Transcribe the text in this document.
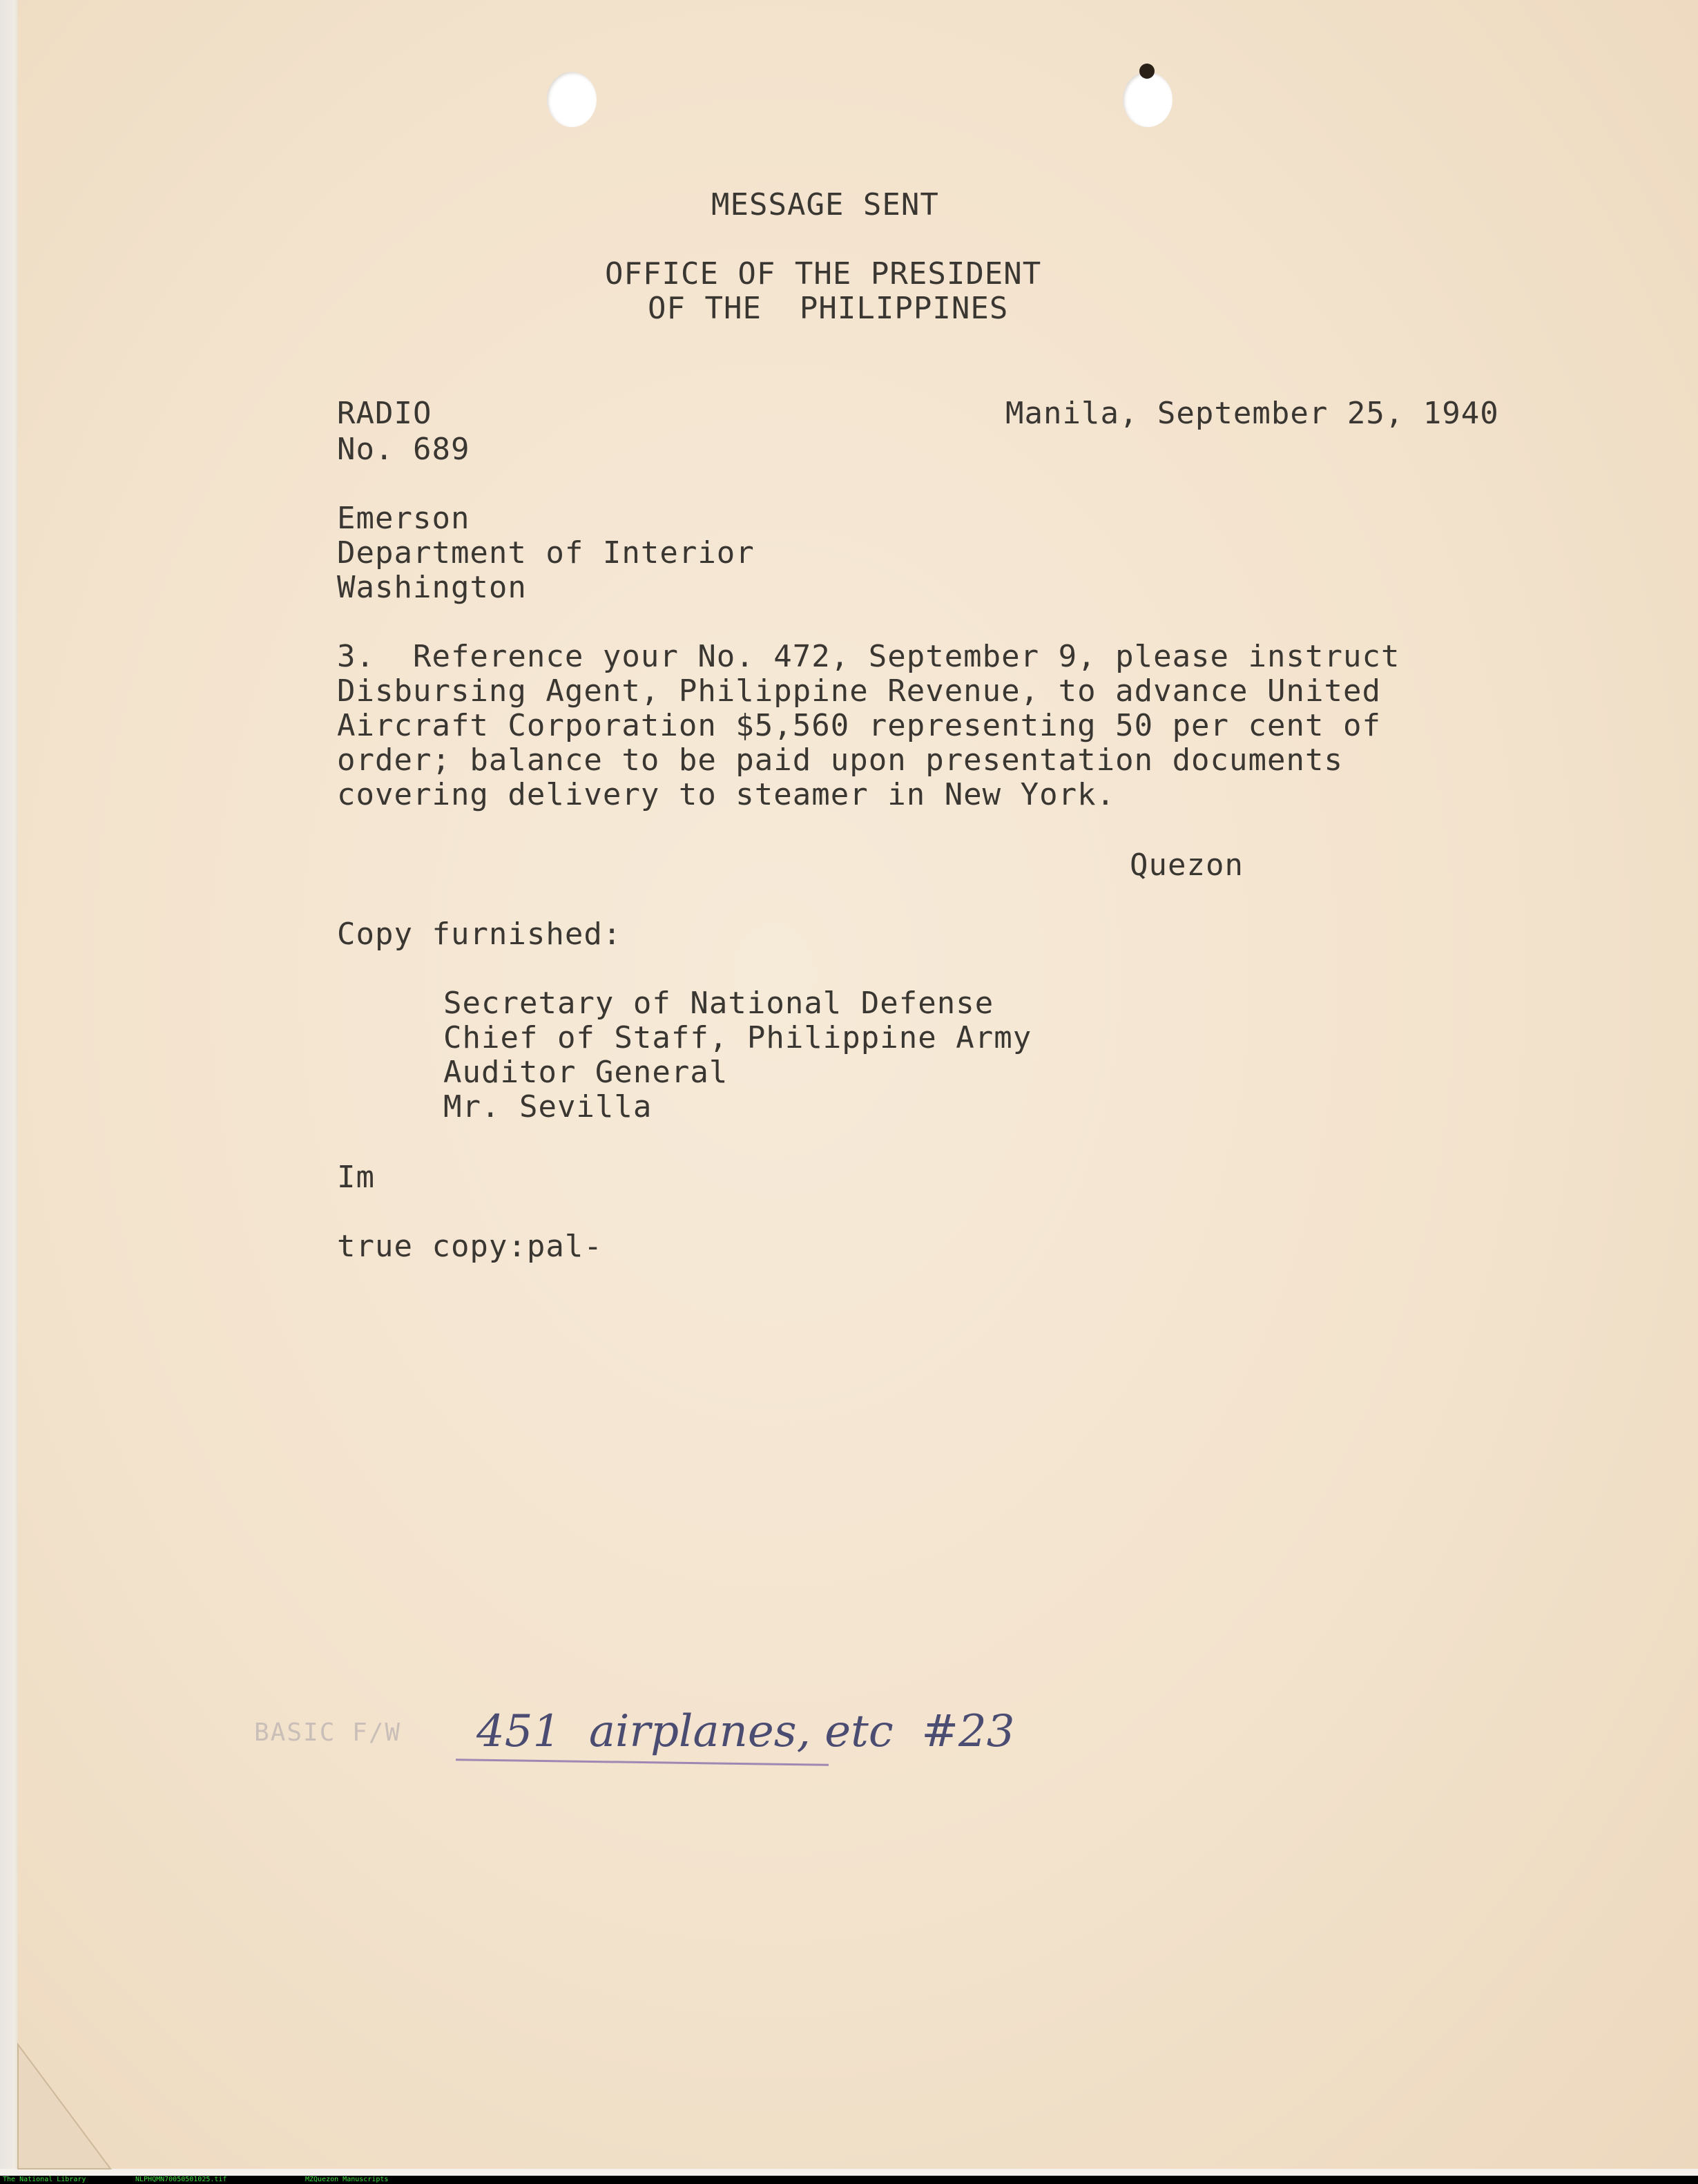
MESSAGE SENT
OFFICE OF THE PRESIDENT
OF THE  PHILIPPINES
RADIO
No. 689
Manila, September 25, 1940
Emerson
Department of Interior
Washington
3.  Reference your No. 472, September 9, please instruct
Disbursing Agent, Philippine Revenue, to advance United
Aircraft Corporation $5,560 representing 50 per cent of
order; balance to be paid upon presentation documents
covering delivery to steamer in New York.
Quezon
Copy furnished:
Secretary of National Defense
Chief of Staff, Philippine Army
Auditor General
Mr. Sevilla
Im
true copy:pal-
BASIC F/W 451  airplanes, etc  #23
The National Library	NLPHQMN70050501025.tif	MZQuezon Manuscripts
